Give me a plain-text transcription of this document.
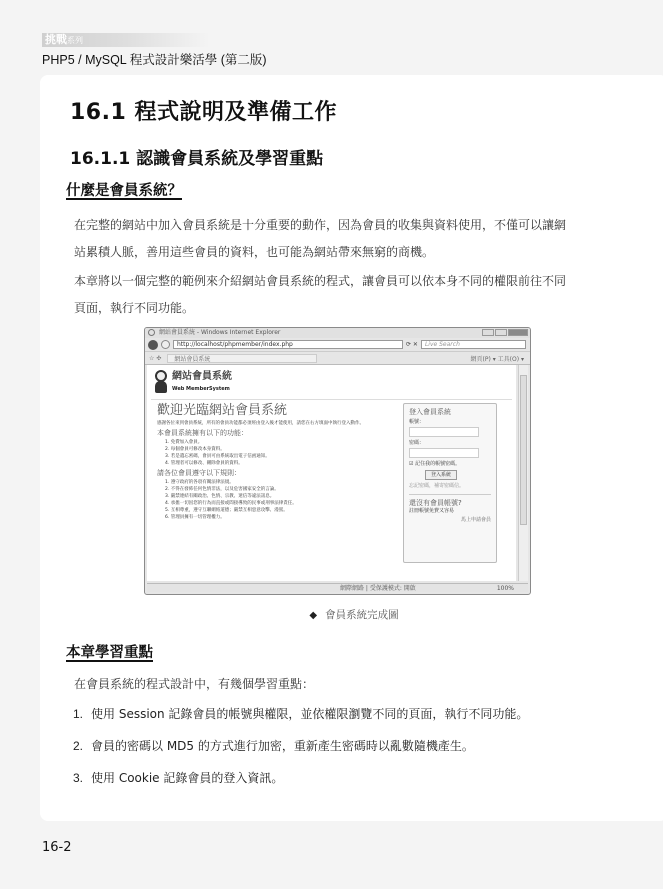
挑戰系列
PHP5 / MySQL 程式設計樂活學 (第二版)
16.1 程式說明及準備工作
16.1.1 認識會員系統及學習重點
什麼是會員系統？
在完整的網站中加入會員系統是十分重要的動作，因為會員的收集與資料使用，不僅可以讓網
站累積人脈，善用這些會員的資料，也可能為網站帶來無窮的商機。
本章將以一個完整的範例來介紹網站會員系統的程式，讓會員可以依本身不同的權限前往不同
頁面，執行不同功能。
網站會員系統 - Windows Internet Explorer
http://localhost/phpmember/index.php	⟳ ✕	Live Search
☆ ✣	網站會員系統	網頁(P) ▾ 工具(O) ▾
網站會員系統
Web MemberSystem
歡迎光臨網站會員系統
感謝各位來到會員系統，所有的會員功能都必須經由登入後才能使用，請您在右方填面中執行登入動作。
本會員系統擁有以下的功能：
1. 免費加入會員。
2. 每個會員可修改本身資料。
3. 若是遺忘密碼，會員可由系統取出電子信函通知。
4. 管理者可以修改、刪除會員的資料。
請各位會員遵守以下規則：
1. 遵守政府的各項有關法律法規。
2. 不得在發佈任何色情非法，以及危害國家安全的言論。
3. 嚴禁連結有關政治、色情、宗教、迷信等違法訊息。
4. 承擔一切因您的行為而直接或間接導致的民事或刑事法律責任。
5. 互相尊重，遵守互聯網絡道德；嚴禁互相惡意攻擊、漫罵。
6. 管理員擁有一切管理權力。
登入會員系統
帳號：
密碼：
☑ 記住我的帳號密碼。
登入系統
忘記密碼，補寄密碼信。
還沒有會員帳號?
註冊帳號免費又容易
馬上申請會員
網際網路 | 受保護模式: 開啟	100%
◆ 會員系統完成圖
本章學習重點
在會員系統的程式設計中，有幾個學習重點：
1. 使用 Session 記錄會員的帳號與權限，並依權限瀏覽不同的頁面，執行不同功能。
2. 會員的密碼以 MD5 的方式進行加密，重新產生密碼時以亂數隨機產生。
3. 使用 Cookie 記錄會員的登入資訊。
16-2
